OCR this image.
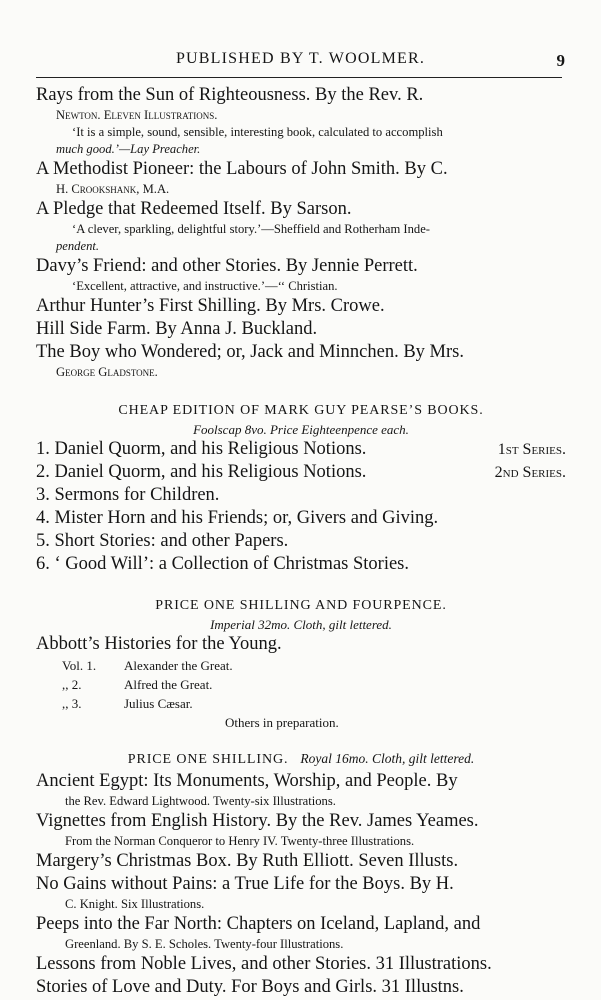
PUBLISHED BY T. WOOLMER.	9
Rays from the Sun of Righteousness. By the Rev. R.
Newton. Eleven Illustrations.
‘It is a simple, sound, sensible, interesting book, calculated to accomplish
much good.’—Lay Preacher.
A Methodist Pioneer: the Labours of John Smith. By C.
H. Crookshank, M.A.
A Pledge that Redeemed Itself. By Sarson.
‘A clever, sparkling, delightful story.’—Sheffield and Rotherham Inde-
pendent.
Davy’s Friend: and other Stories. By Jennie Perrett.
‘Excellent, attractive, and instructive.’—‘‘ Christian.
Arthur Hunter’s First Shilling. By Mrs. Crowe.
Hill Side Farm. By Anna J. Buckland.
The Boy who Wondered; or, Jack and Minnchen. By Mrs.
George Gladstone.
CHEAP EDITION OF MARK GUY PEARSE’S BOOKS.
Foolscap 8vo. Price Eighteenpence each.
1. Daniel Quorm, and his Religious Notions.	1st Series.
2. Daniel Quorm, and his Religious Notions.	2nd Series.
3. Sermons for Children.
4. Mister Horn and his Friends; or, Givers and Giving.
5. Short Stories: and other Papers.
6. ‘ Good Will’: a Collection of Christmas Stories.
PRICE ONE SHILLING AND FOURPENCE.
Imperial 32mo. Cloth, gilt lettered.
Abbott’s Histories for the Young.
Vol. 1. Alexander the Great.
,, 2.	Alfred the Great.
,, 3.	Julius Cæsar.
Others in preparation.
PRICE ONE SHILLING. Royal 16mo. Cloth, gilt lettered.
Ancient Egypt: Its Monuments, Worship, and People. By
the Rev. Edward Lightwood. Twenty-six Illustrations.
Vignettes from English History. By the Rev. James Yeames.
From the Norman Conqueror to Henry IV. Twenty-three Illustrations.
Margery’s Christmas Box. By Ruth Elliott. Seven Illusts.
No Gains without Pains: a True Life for the Boys. By H.
C. Knight. Six Illustrations.
Peeps into the Far North: Chapters on Iceland, Lapland, and
Greenland. By S. E. Scholes. Twenty-four Illustrations.
Lessons from Noble Lives, and other Stories. 31 Illustrations.
Stories of Love and Duty. For Boys and Girls. 31 Illustns.
